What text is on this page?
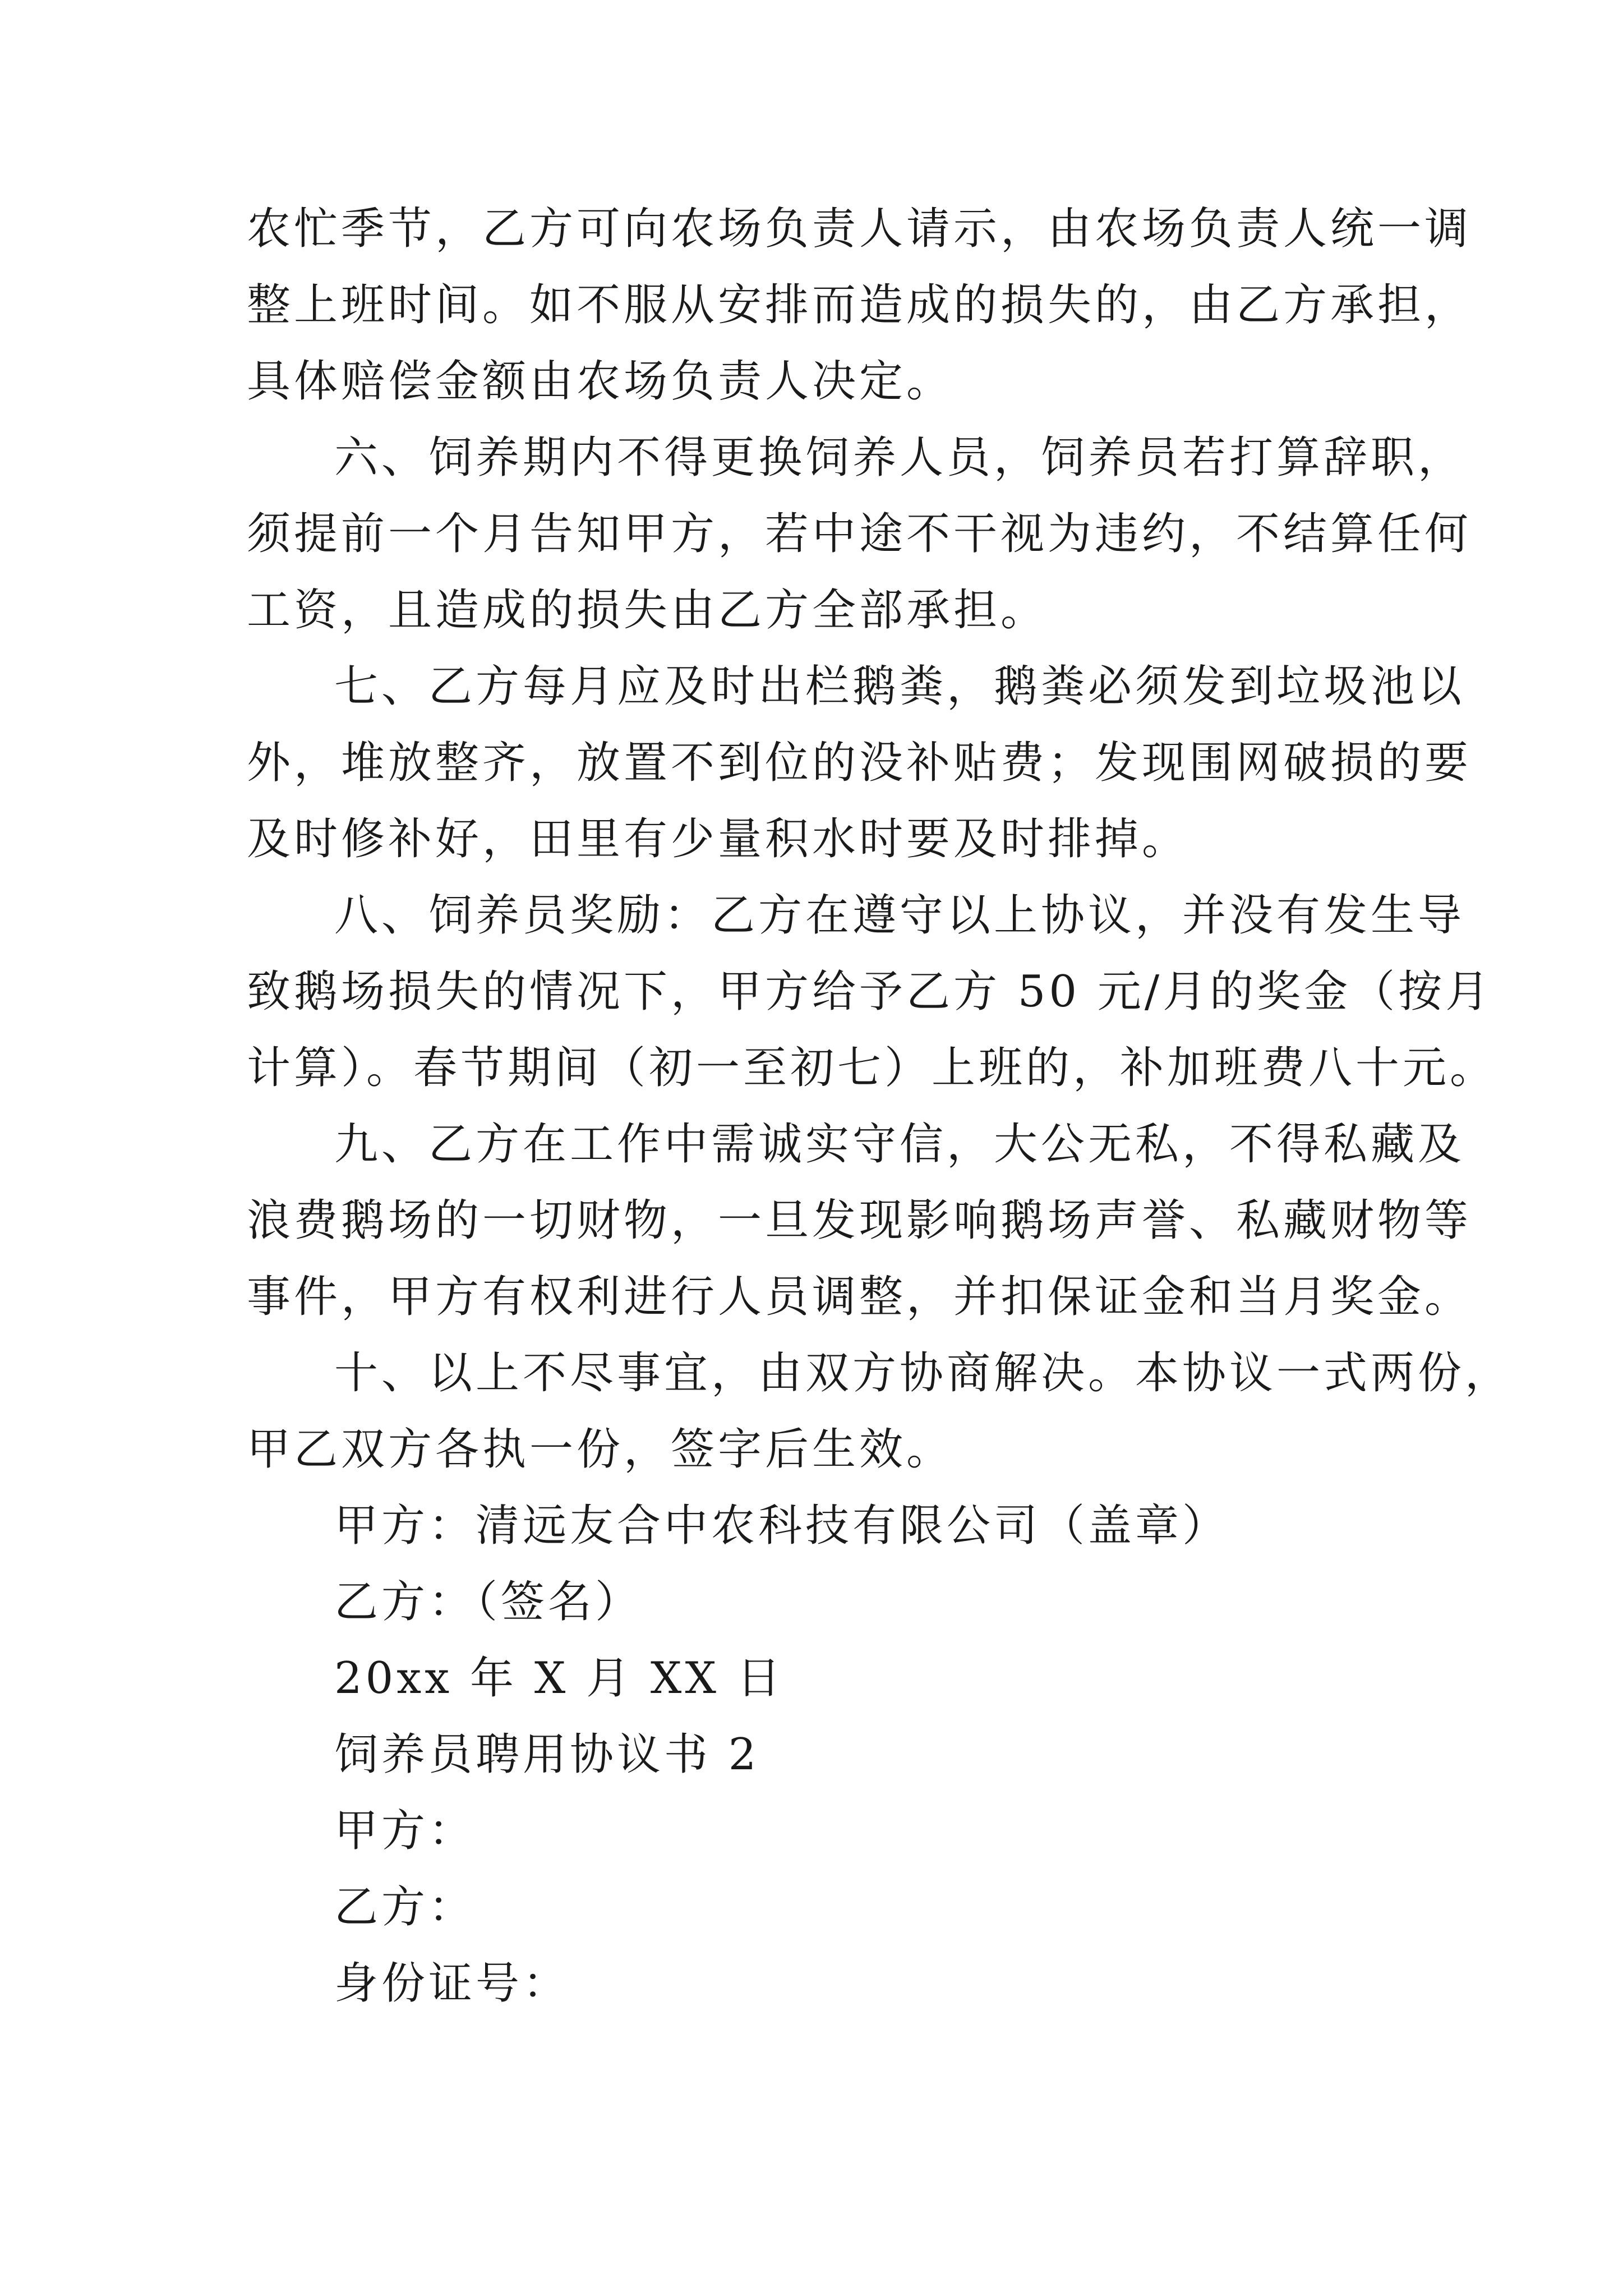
农忙季节，乙方可向农场负责人请示，由农场负责人统一调
整上班时间。如不服从安排而造成的损失的，由乙方承担，
具体赔偿金额由农场负责人决定。
六、饲养期内不得更换饲养人员，饲养员若打算辞职，
须提前一个月告知甲方，若中途不干视为违约，不结算任何
工资，且造成的损失由乙方全部承担。
七、乙方每月应及时出栏鹅粪，鹅粪必须发到垃圾池以
外，堆放整齐，放置不到位的没补贴费；发现围网破损的要
及时修补好，田里有少量积水时要及时排掉。
八、饲养员奖励：乙方在遵守以上协议，并没有发生导
致鹅场损失的情况下，甲方给予乙方 50 元/月的奖金（按月
计算）。春节期间（初一至初七）上班的，补加班费八十元。
九、乙方在工作中需诚实守信，大公无私，不得私藏及
浪费鹅场的一切财物，一旦发现影响鹅场声誉、私藏财物等
事件，甲方有权利进行人员调整，并扣保证金和当月奖金。
十、以上不尽事宜，由双方协商解决。本协议一式两份，
甲乙双方各执一份，签字后生效。
甲方：清远友合中农科技有限公司（盖章）
乙方：（签名）
20xx 年 X 月 XX 日
饲养员聘用协议书 2
甲方：
乙方：
身份证号：
